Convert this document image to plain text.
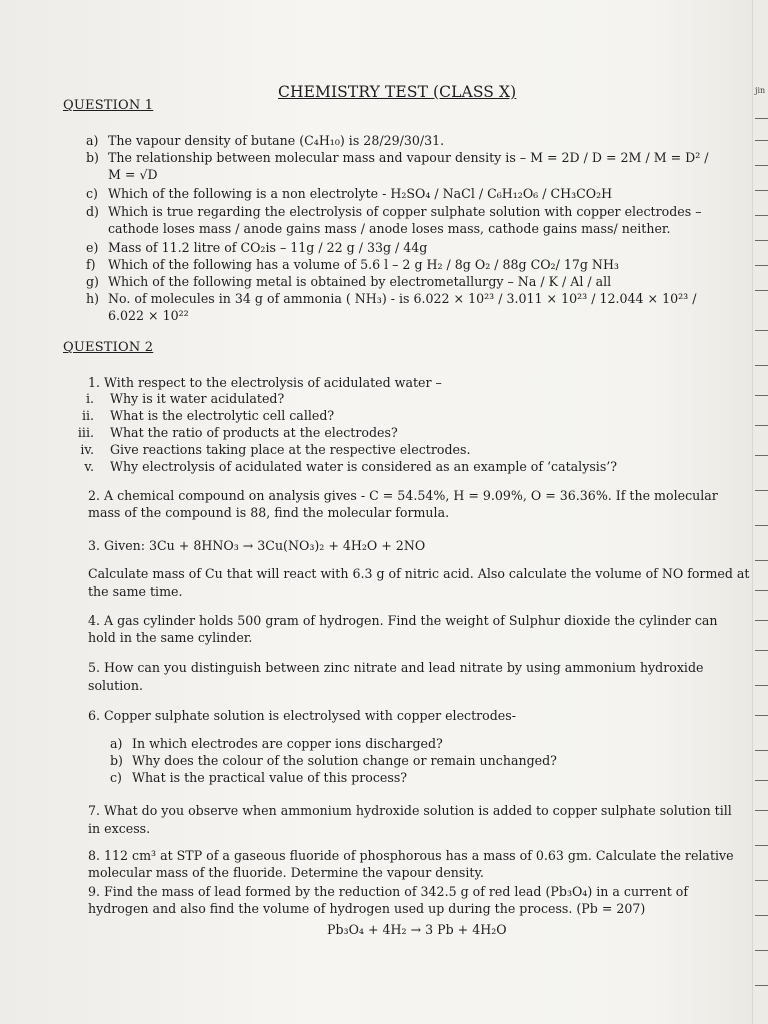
jin
CHEMISTRY TEST (CLASS X)
QUESTION 1
a) The vapour density of butane (C₄H₁₀) is 28/29/30/31.
b) The relationship between molecular mass and vapour density is – M = 2D / D = 2M / M = D² /
M = √D
c) Which of the following is a non electrolyte - H₂SO₄ / NaCl / C₆H₁₂O₆ / CH₃CO₂H
d) Which is true regarding the electrolysis of copper sulphate solution with copper electrodes –
cathode loses mass / anode gains mass / anode loses mass, cathode gains mass/ neither.
e) Mass of 11.2 litre of CO₂is – 11g / 22 g / 33g / 44g
f) Which of the following has a volume of 5.6 l – 2 g H₂ / 8g O₂ / 88g CO₂/ 17g NH₃
g) Which of the following metal is obtained by electrometallurgy – Na / K / Al / all
h) No. of molecules in 34 g of ammonia ( NH₃) - is 6.022 × 10²³ / 3.011 × 10²³ / 12.044 × 10²³ /
6.022 × 10²²
QUESTION 2
1. With respect to the electrolysis of acidulated water –
i. Why is it water acidulated?
ii. What is the electrolytic cell called?
iii. What the ratio of products at the electrodes?
iv. Give reactions taking place at the respective electrodes.
v. Why electrolysis of acidulated water is considered as an example of ‘catalysis’?
2. A chemical compound on analysis gives - C = 54.54%, H = 9.09%, O = 36.36%. If the molecular
mass of the compound is 88, find the molecular formula.
3. Given: 3Cu + 8HNO₃ → 3Cu(NO₃)₂ + 4H₂O + 2NO
Calculate mass of Cu that will react with 6.3 g of nitric acid. Also calculate the volume of NO formed at
the same time.
4. A gas cylinder holds 500 gram of hydrogen. Find the weight of Sulphur dioxide the cylinder can
hold in the same cylinder.
5. How can you distinguish between zinc nitrate and lead nitrate by using ammonium hydroxide
solution.
6. Copper sulphate solution is electrolysed with copper electrodes-
a) In which electrodes are copper ions discharged?
b) Why does the colour of the solution change or remain unchanged?
c) What is the practical value of this process?
7. What do you observe when ammonium hydroxide solution is added to copper sulphate solution till
in excess.
8. 112 cm³ at STP of a gaseous fluoride of phosphorous has a mass of 0.63 gm. Calculate the relative
molecular mass of the fluoride. Determine the vapour density.
9. Find the mass of lead formed by the reduction of 342.5 g of red lead (Pb₃O₄) in a current of
hydrogen and also find the volume of hydrogen used up during the process. (Pb = 207)
Pb₃O₄ + 4H₂ → 3 Pb + 4H₂O
